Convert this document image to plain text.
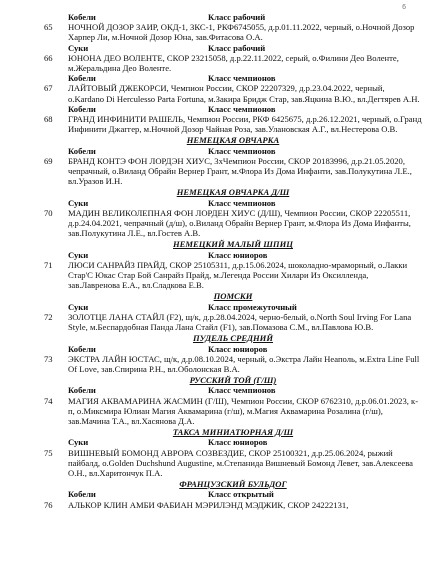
6
Кобели	Класс рабочий
65	НОЧНОЙ ДОЗОР ЗАИР, ОКД-1, ЗКС-1, РКФ6745055, д.р.01.11.2022, черный, о.Ночной Дозор Харпер Ли, м.Ночной Дозор Юна, зав.Фитасова О.А.
Суки	Класс рабочий
66	ЮНОНА ДЕО ВОЛЕНТЕ, СКОР 23215058, д.р.22.11.2022, серый, о.Филини Део Воленте, м.Жеральдина Део Воленте.
Кобели	Класс чемпионов
67	ЛАЙТОВЫЙ ДЖЕКОРСИ, Чемпион России, СКОР 22207329, д.р.23.04.2022, черный, о.Kardano Di Herculesso Parta Fortuna, м.Закира Бридж Стар, зав.Яцкина В.Ю., вл.Дегтярев А.Н.
Кобели	Класс чемпионов
68	ГРАНД ИНФИНИТИ РАШЕЛЬ, Чемпион России, РКФ 6425675, д.р.26.12.2021, черный, о.Гранд Инфинити Джаггер, м.Ночной Дозор Чайная Роза, зав.Улановская А.Г., вл.Нестерова О.В.
НЕМЕЦКАЯ ОВЧАРКА
Кобели	Класс чемпионов
69	БРАНД КОНТЭ ФОН ЛОРДЭН ХИУС, 3хЧемпион России, СКОР 20183996, д.р.21.05.2020, чепрачный, о.Виланд Обрайн Вернер Грант, м.Флора Из Дома Инфанти, зав.Полукутина Л.Е., вл.Уразов И.Н.
НЕМЕЦКАЯ ОВЧАРКА Д/Ш
Суки	Класс чемпионов
70	МАДИН ВЕЛИКОЛЕПНАЯ ФОН ЛОРДЕН ХИУС (Д/Ш), Чемпион России, СКОР 22205511, д.р.24.04.2021, чепрачный (д/ш), о.Виланд Обрайн Вернер Грант, м.Флора Из Дома Инфанты, зав.Полукутина Л.Е., вл.Гостев А.В.
НЕМЕЦКИЙ МАЛЫЙ ШПИЦ
Суки	Класс юниоров
71	ЛЮСИ САНРАЙЗ ПРАЙД, СКОР 25105311, д.р.15.06.2024, шоколадно-мраморный, о.Лакки Стар'С Юкас Стар Бой Санрайз Прайд, м.Легенда России Хилари Из Оксилленда, зав.Лавренова Е.А., вл.Сладкова Е.В.
ПОМСКИ
Суки	Класс промежуточный
72	ЗОЛОТЦЕ ЛАНА СТАЙЛ (F2), щ/к, д.р.28.04.2024, черно-белый, о.North Soul Irving For Lana Style, м.Беспардобная Панда Лана Стайл (F1), зав.Помазова С.М., вл.Павлова Ю.В.
ПУДЕЛЬ СРЕДНИЙ
Кобели	Класс юниоров
73	ЭКСТРА ЛАЙН ЮСТАС, щ/к, д.р.08.10.2024, черный, о.Экстра Лайн Неаполь, м.Extra Line Full Of Love, зав.Спирина Р.Н., вл.Оболонская В.А.
РУССКИЙ ТОЙ (Г/Ш)
Кобели	Класс чемпионов
74	МАГИЯ АКВАМАРИНА ЖАСМИН (Г/Ш), Чемпион России, СКОР 6762310, д.р.06.01.2023, к-п, о.Миксмира Юлиан Магия Аквамарина (г/ш), м.Магия Аквамарина Розалина (г/ш), зав.Мачина Т.А., вл.Хасянова Д.А.
ТАКСА МИНИАТЮРНАЯ Д/Ш
Суки	Класс юниоров
75	ВИШНЕВЫЙ БОМОНД АВРОРА СОЗВЕЗДИЕ, СКОР 25100321, д.р.25.06.2024, рыжий пайбалд, о.Golden Duchshund Augustine, м.Степанида Вишневый Бомонд Левет, зав.Алексеева О.Н., вл.Харитончук П.А.
ФРАНЦУЗСКИЙ БУЛЬДОГ
Кобели	Класс открытый
76	АЛЬКОР КЛИН АМБИ ФАБИАН МЭРИЛЭНД МЭДЖИК, СКОР 24222131,
